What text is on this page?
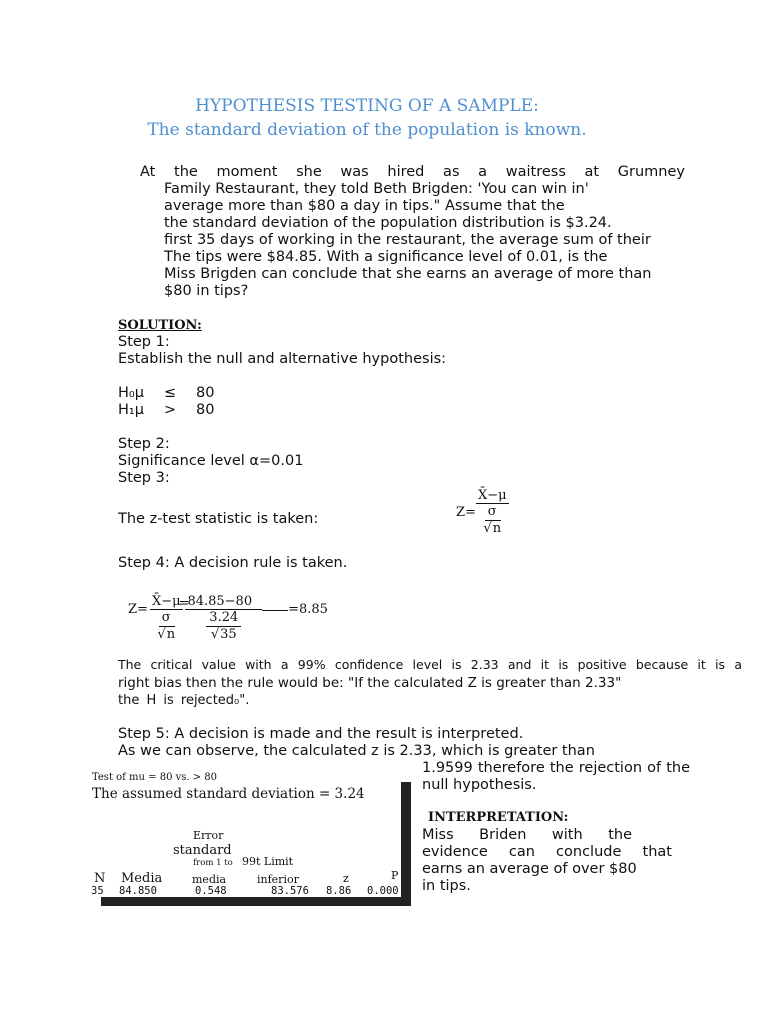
HYPOTHESIS TESTING OF A SAMPLE:
The standard deviation of the population is known.
At the moment she was hired as a waitress at Grumney
Family Restaurant, they told Beth Brigden: 'You can win in'
average more than $80 a day in tips." Assume that the
the standard deviation of the population distribution is $3.24.
first 35 days of working in the restaurant, the average sum of their
The tips were $84.85. With a significance level of 0.01, is the
Miss Brigden can conclude that she earns an average of more than
$80 in tips?
SOLUTION:
Step 1:
Establish the null and alternative hypothesis:
H₀μ ≤ 80
H₁μ > 80
Step 2:
Significance level α=0.01
Step 3:
The z-test statistic is taken:	Z= X̄−μ
σ
√n
Step 4: A decision rule is taken.
Z= X̄−μ
σ
√n
=
84.85−80
3.24
√35 =8.85
The critical value with a 99% confidence level is 2.33 and it is positive because it is a
right bias then the rule would be: "If the calculated Z is greater than 2.33"
the H is rejected₀".
Step 5: A decision is made and the result is interpreted.
As we can observe, the calculated z is 2.33, which is greater than
1.9599 therefore the rejection of the
null hypothesis.
Test of mu = 80 vs. > 80
The assumed standard deviation = 3.24
Error
standard
from 1 to 99t Limit
N Media	media	inferior	z	P
35 84.850	0.548	83.576 8.86 0.000
INTERPRETATION:
Miss Briden with the
evidence can conclude that
earns an average of over $80
in tips.
